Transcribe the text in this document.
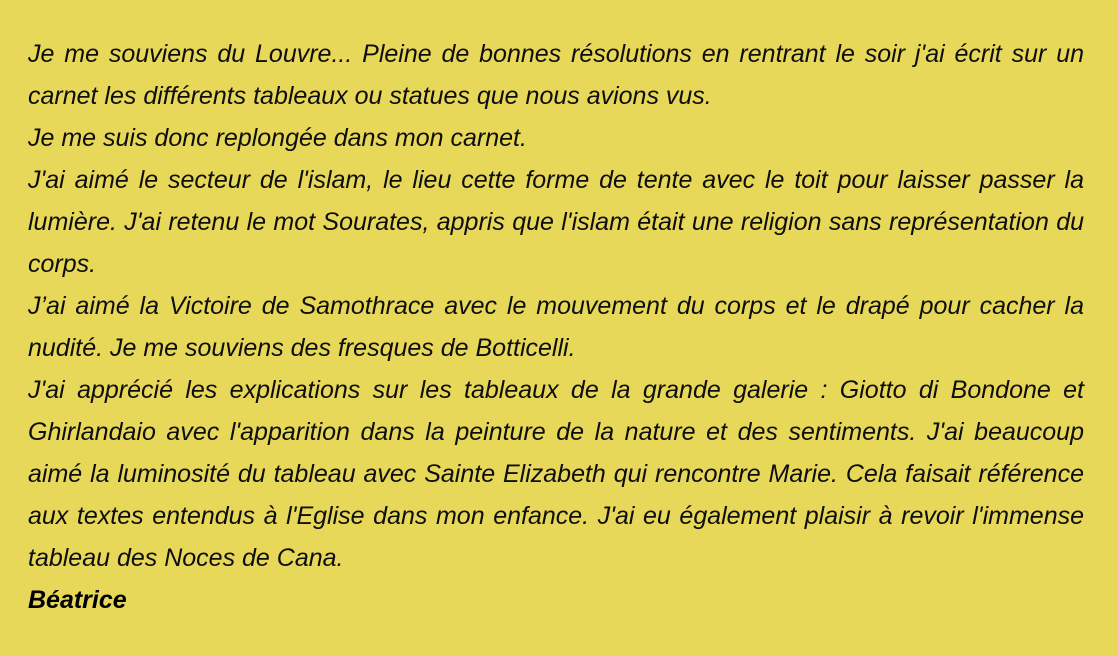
Je me souviens du Louvre... Pleine de bonnes résolutions en rentrant le soir j'ai écrit sur un carnet les différents tableaux ou statues que nous avions vus.

Je me suis donc replongée dans mon carnet.

J'ai aimé le secteur de l'islam, le lieu cette forme de tente avec le toit pour laisser passer la lumière. J'ai retenu le mot Sourates, appris que l'islam était une religion sans représentation du corps.

J’ai aimé la Victoire de Samothrace avec le mouvement du corps et le drapé pour cacher la nudité. Je me souviens des fresques de Botticelli.

J'ai apprécié les explications sur les tableaux de la grande galerie : Giotto di Bondone et Ghirlandaio avec l'apparition dans la peinture de la nature et des sentiments. J'ai beaucoup aimé la luminosité du tableau avec Sainte Elizabeth qui rencontre Marie. Cela faisait référence aux textes entendus à l'Eglise dans mon enfance. J'ai eu également plaisir à revoir l'immense tableau des Noces de Cana.

Béatrice
